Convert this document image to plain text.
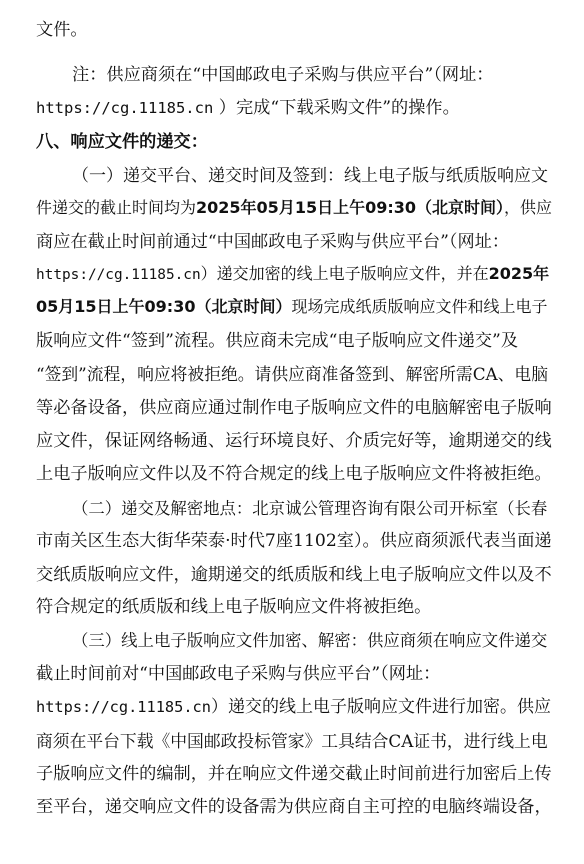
文件。
注：供应商须在“中国邮政电子采购与供应平台”（网址：
https://cg.11185.cn ）完成“下载采购文件”的操作。
八、响应文件的递交：
（一）递交平台、递交时间及签到：线上电子版与纸质版响应文
件递交的截止时间均为2025年05月15日上午09:30（北京时间），供应
商应在截止时间前通过“中国邮政电子采购与供应平台”（网址：
https://cg.11185.cn）递交加密的线上电子版响应文件，并在2025年
05月15日上午09:30（北京时间）现场完成纸质版响应文件和线上电子
版响应文件“签到”流程。供应商未完成“电子版响应文件递交”及
“签到”流程，响应将被拒绝。请供应商准备签到、解密所需CA、电脑
等必备设备，供应商应通过制作电子版响应文件的电脑解密电子版响
应文件，保证网络畅通、运行环境良好、介质完好等，逾期递交的线
上电子版响应文件以及不符合规定的线上电子版响应文件将被拒绝。
（二）递交及解密地点：北京诚公管理咨询有限公司开标室（长春
市南关区生态大街华荣泰·时代7座1102室）。供应商须派代表当面递
交纸质版响应文件，逾期递交的纸质版和线上电子版响应文件以及不
符合规定的纸质版和线上电子版响应文件将被拒绝。
（三）线上电子版响应文件加密、解密：供应商须在响应文件递交
截止时间前对“中国邮政电子采购与供应平台”（网址：
https://cg.11185.cn）递交的线上电子版响应文件进行加密。供应
商须在平台下载《中国邮政投标管家》工具结合CA证书，进行线上电
子版响应文件的编制，并在响应文件递交截止时间前进行加密后上传
至平台，递交响应文件的设备需为供应商自主可控的电脑终端设备，
